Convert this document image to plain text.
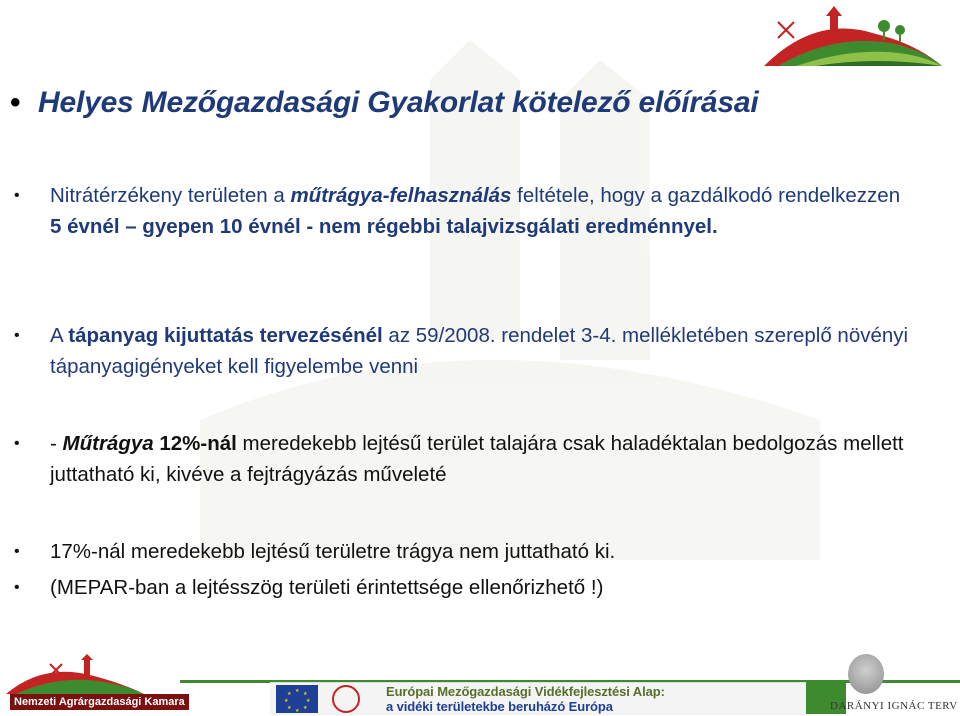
• Helyes Mezőgazdasági Gyakorlat kötelező előírásai
• Nitrátérzékeny területen a műtrágya-felhasználás feltétele, hogy a gazdálkodó rendelkezzen 5 évnél – gyepen 10 évnél - nem régebbi talajvizsgálati eredménnyel.
• A tápanyag kijuttatás tervezésénél az 59/2008. rendelet 3-4. mellékletében szereplő növényi tápanyagigényeket kell figyelembe venni
• - Műtrágya 12%-nál meredekebb lejtésű terület talajára csak haladéktalan bedolgozás mellett juttatható ki, kivéve a fejtrágyázás műveleté
• 17%-nál meredekebb lejtésű területre trágya nem juttatható ki.
• (MEPAR-ban a lejtésszög területi érintettsége ellenőrizhető !)
Nemzeti Agrárgazdasági Kamara
★ ★
★
★
★
★
★
★	Európai Mezőgazdasági Vidékfejlesztési Alap:
a vidéki területekbe beruházó Európa	DARÁNYI IGNÁC TERV
